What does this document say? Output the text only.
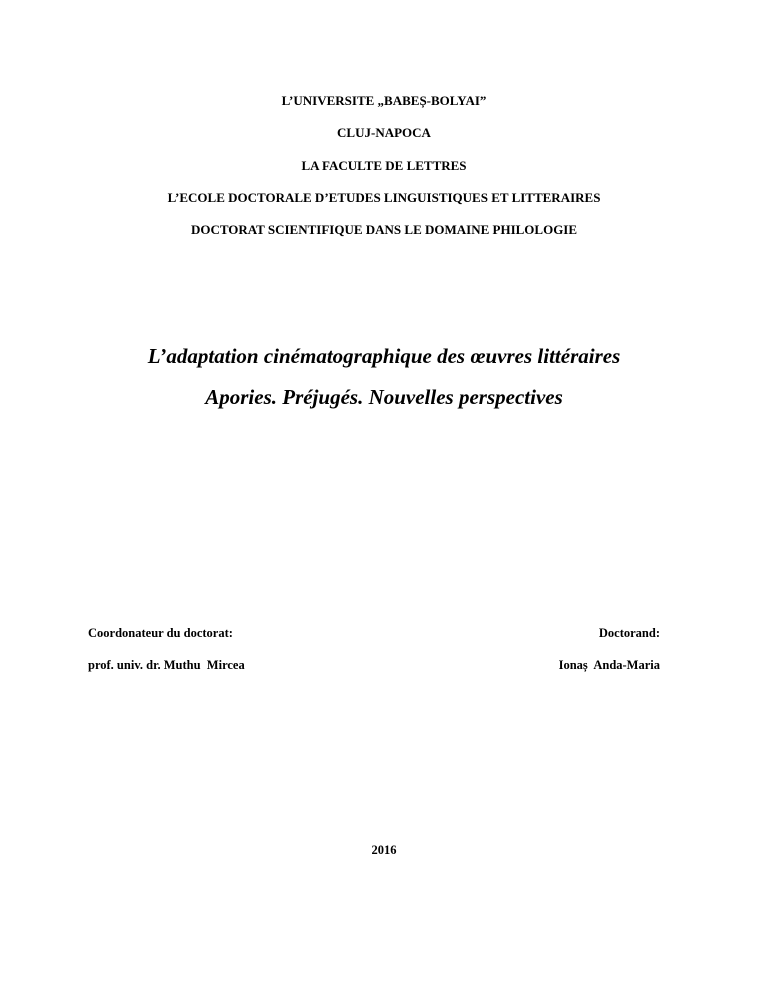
L’UNIVERSITE „BABEȘ-BOLYAI”
CLUJ-NAPOCA
LA FACULTE DE LETTRES
L’ECOLE DOCTORALE D’ETUDES LINGUISTIQUES ET LITTERAIRES
DOCTORAT SCIENTIFIQUE DANS LE DOMAINE PHILOLOGIE
L’adaptation cinématographique des œuvres littéraires
Apories. Préjugés. Nouvelles perspectives
Coordonateur du doctorat:	Doctorand:
prof. univ. dr. Muthu  Mircea	Ionaș  Anda-Maria
2016
